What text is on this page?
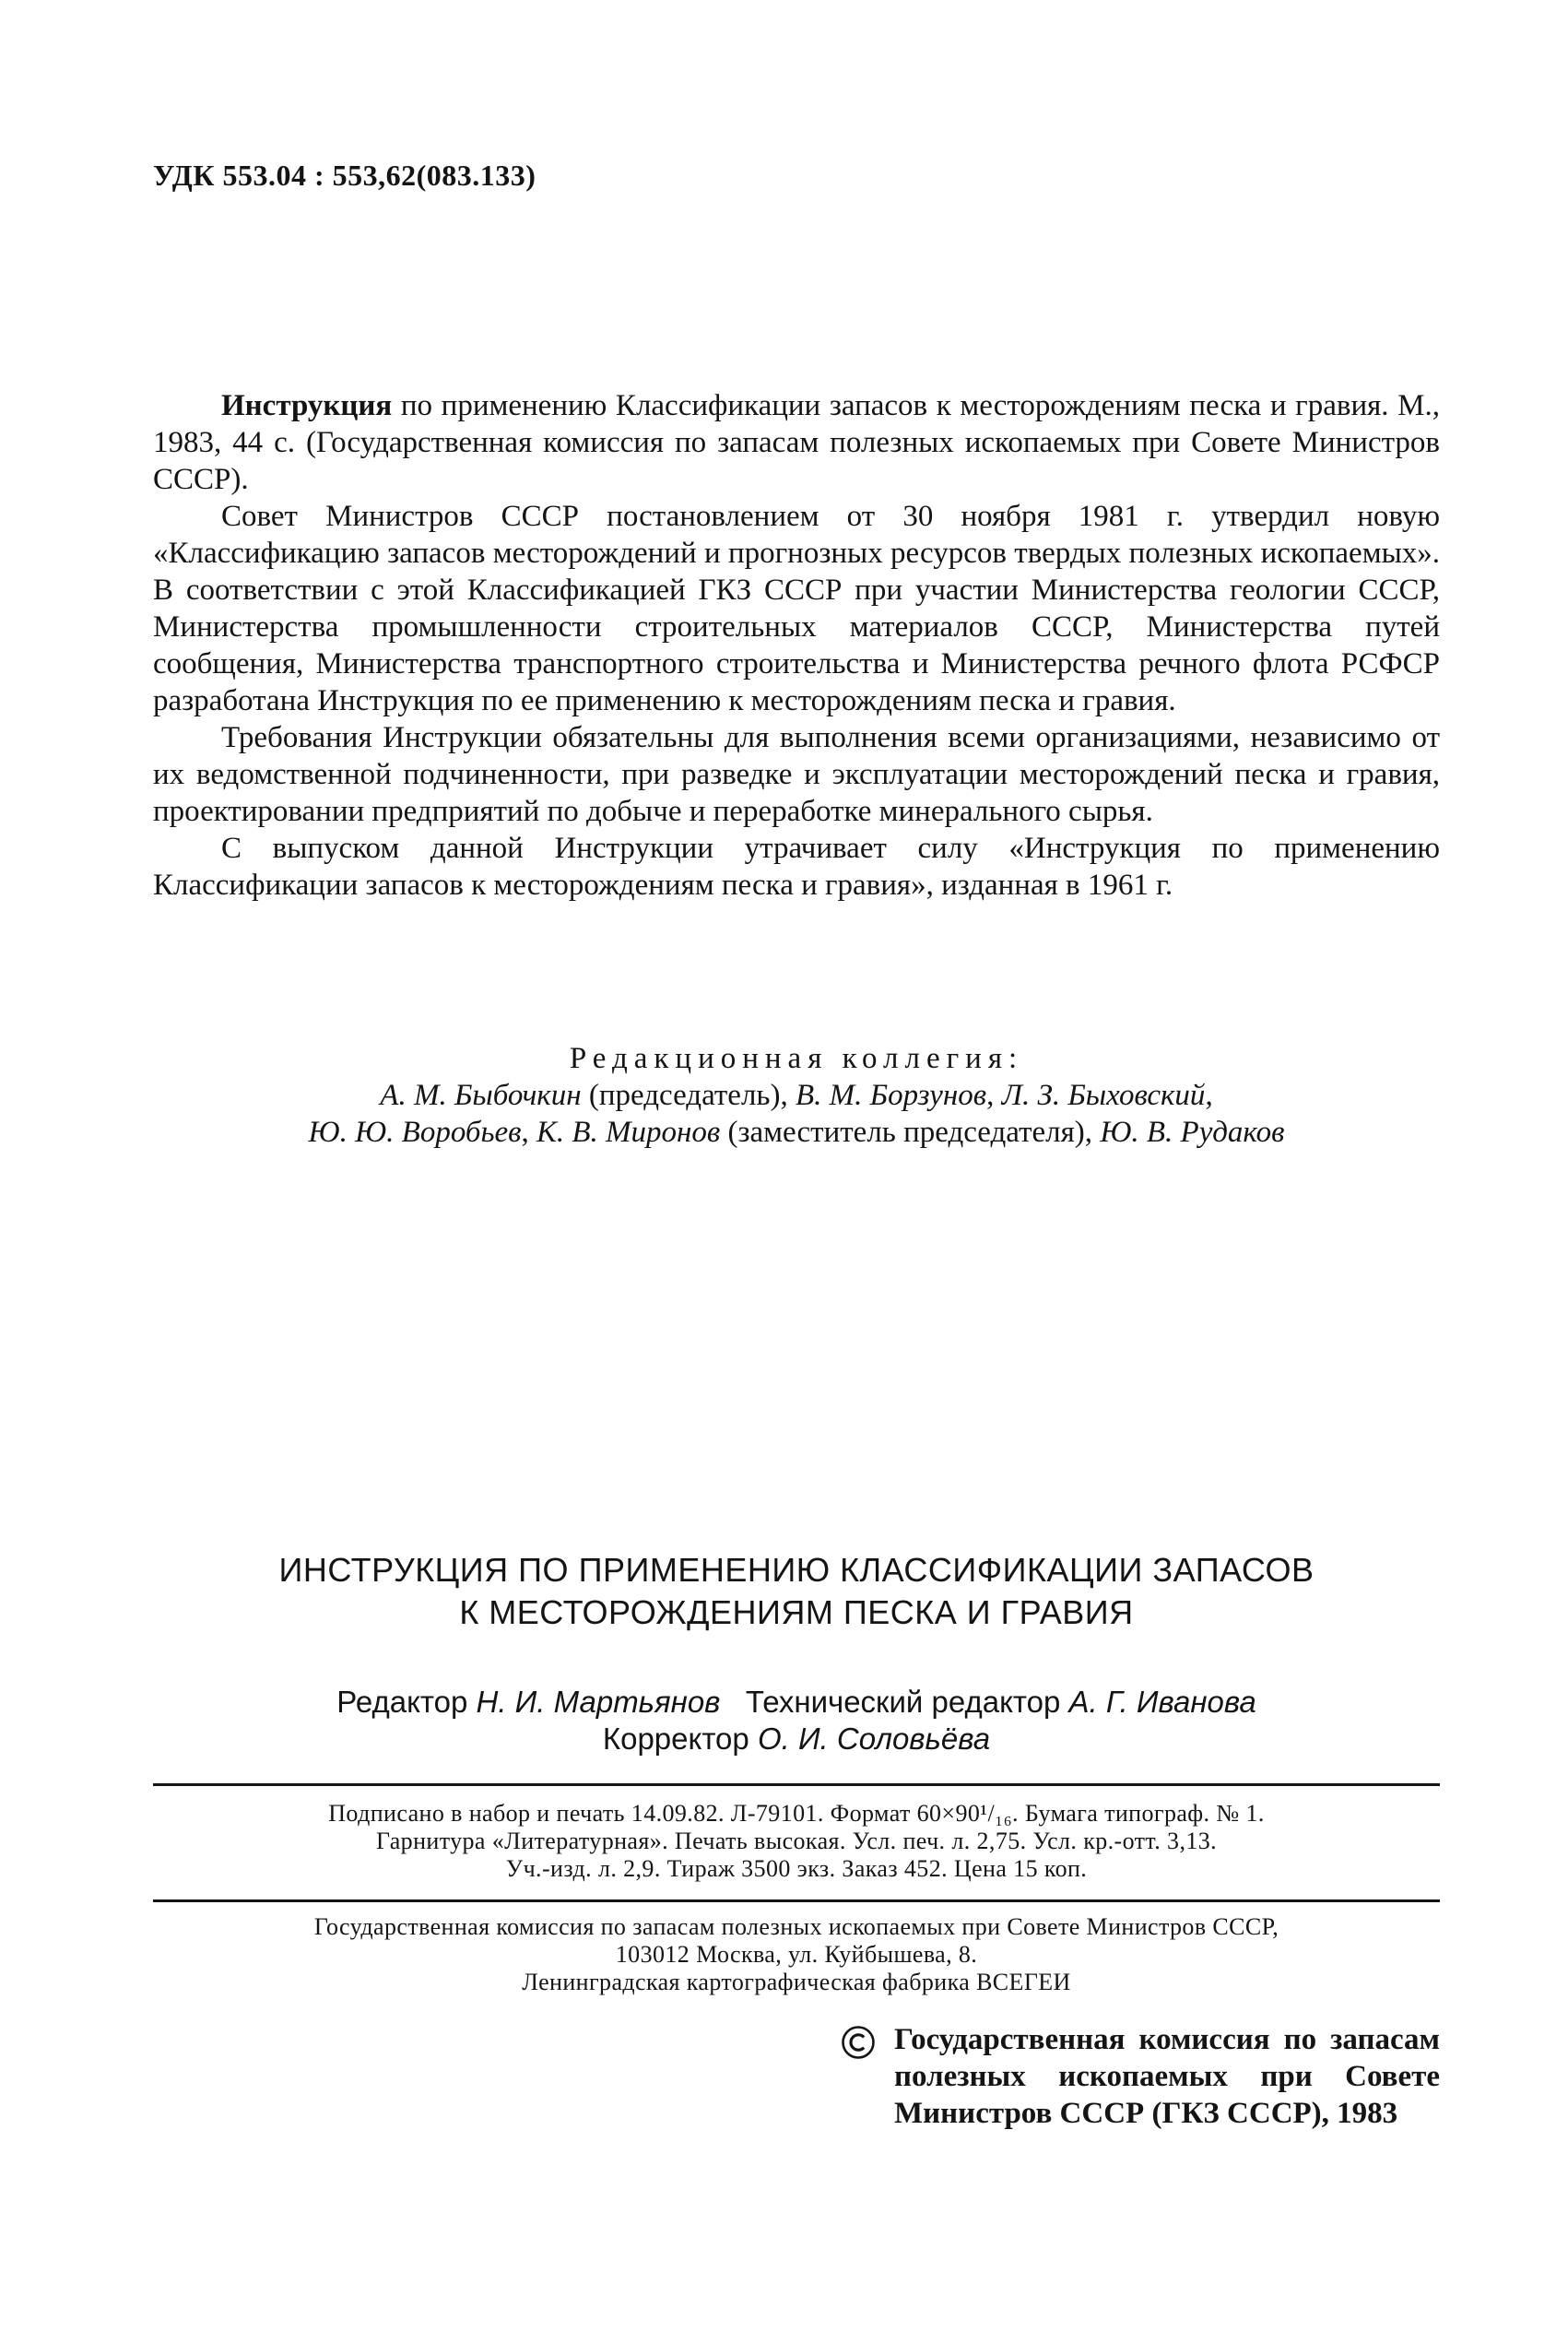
УДК 553.04 : 553,62(083.133)

Инструкция по применению Классификации запасов к месторождениям песка и гравия. М., 1983, 44 с. (Государственная комиссия по запасам полезных ископаемых при Совете Министров СССР).

Совет Министров СССР постановлением от 30 ноября 1981 г. утвердил новую «Классификацию запасов месторождений и прогнозных ресурсов твердых полезных ископаемых». В соответствии с этой Классификацией ГКЗ СССР при участии Министерства геологии СССР, Министерства промышленности строительных материалов СССР, Министерства путей сообщения, Министерства транспортного строительства и Министерства речного флота РСФСР разработана Инструкция по ее применению к месторождениям песка и гравия.

Требования Инструкции обязательны для выполнения всеми организациями, независимо от их ведомственной подчиненности, при разведке и эксплуатации месторождений песка и гравия, проектировании предприятий по добыче и переработке минерального сырья.

С выпуском данной Инструкции утрачивает силу «Инструкция по применению Классификации запасов к месторождениям песка и гравия», изданная в 1961 г.

Редакционная коллегия:
А. М. Быбочкин (председатель), В. М. Борзунов, Л. З. Быховский,
Ю. Ю. Воробьев, К. В. Миронов (заместитель председателя), Ю. В. Рудаков
ИНСТРУКЦИЯ ПО ПРИМЕНЕНИЮ КЛАССИФИКАЦИИ ЗАПАСОВ
К МЕСТОРОЖДЕНИЯМ ПЕСКА И ГРАВИЯ
Редактор Н. И. Мартьянов   Технический редактор А. Г. Иванова
Корректор О. И. Соловьёва
Подписано в набор и печать 14.09.82. Л-79101. Формат 60×90¹/₁₆. Бумага типограф. № 1.
Гарнитура «Литературная». Печать высокая. Усл. печ. л. 2,75. Усл. кр.-отт. 3,13.
Уч.-изд. л. 2,9. Тираж 3500 экз. Заказ 452. Цена 15 коп.
Государственная комиссия по запасам полезных ископаемых при Совете Министров СССР,
103012 Москва, ул. Куйбышева, 8.
Ленинградская картографическая фабрика ВСЕГЕИ
Государственная комиссия по запасам полезных ископаемых при Совете Министров СССР (ГКЗ СССР), 1983
